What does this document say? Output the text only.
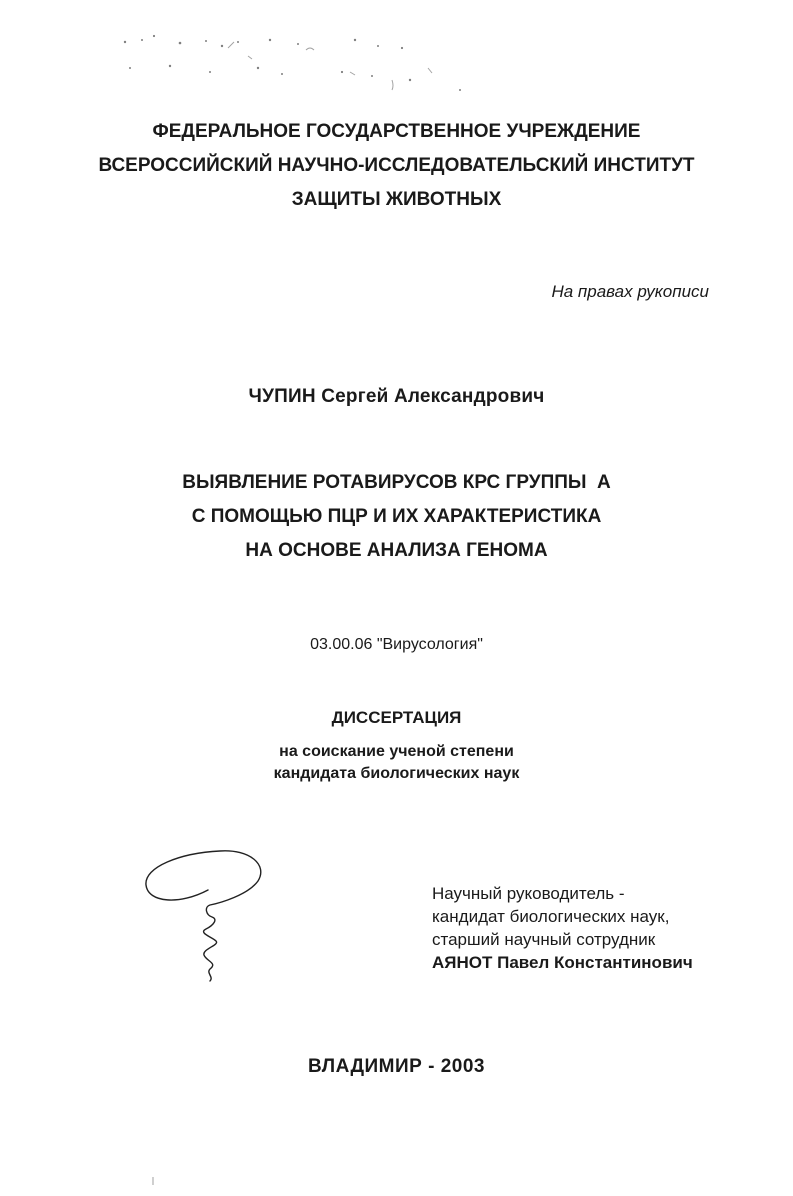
ФЕДЕРАЛЬНОЕ ГОСУДАРСТВЕННОЕ УЧРЕЖДЕНИЕ
ВСЕРОССИЙСКИЙ НАУЧНО-ИССЛЕДОВАТЕЛЬСКИЙ ИНСТИТУТ
ЗАЩИТЫ ЖИВОТНЫХ
На правах рукописи
ЧУПИН Сергей Александрович
ВЫЯВЛЕНИЕ РОТАВИРУСОВ КРС ГРУППЫ  А
С ПОМОЩЬЮ ПЦР И ИХ ХАРАКТЕРИСТИКА
НА ОСНОВЕ АНАЛИЗА ГЕНОМА
03.00.06 "Вирусология"
ДИССЕРТАЦИЯ
на соискание ученой степени
кандидата биологических наук
Научный руководитель -
кандидат биологических наук,
старший научный сотрудник
АЯНОТ Павел Константинович
ВЛАДИМИР - 2003
